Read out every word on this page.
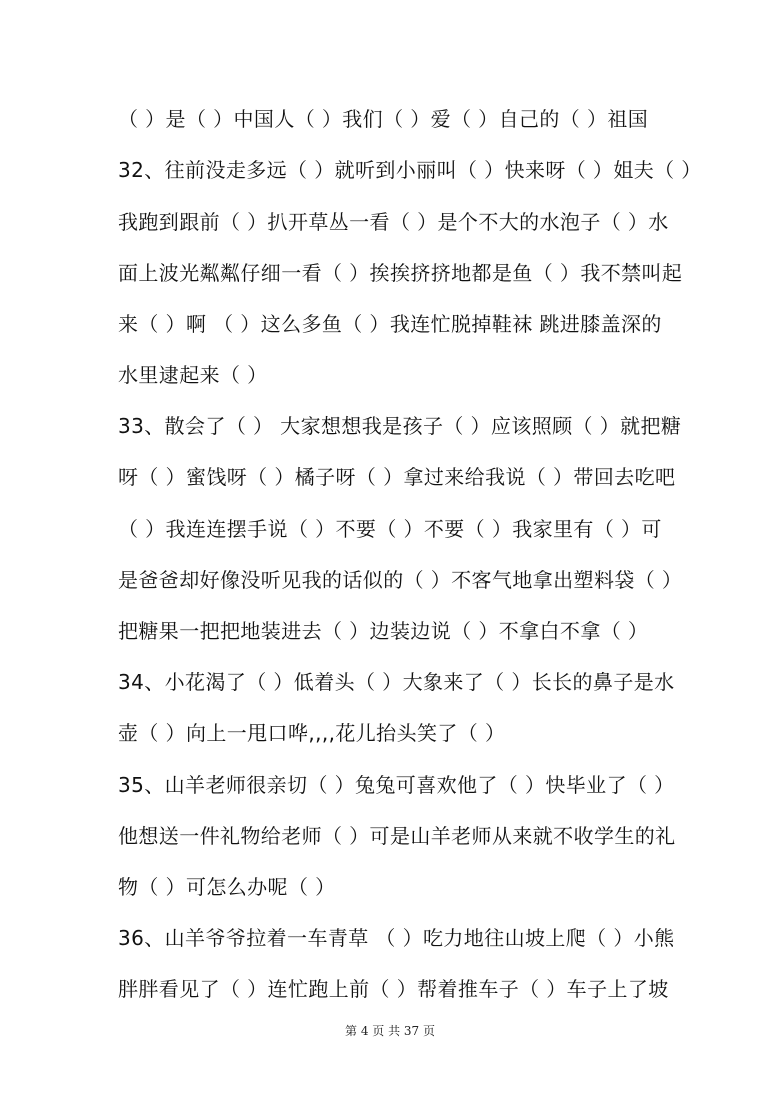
（ ）是（ ）中国人（ ）我们（ ）爱（ ）自己的（ ）祖国
32、往前没走多远（ ）就听到小丽叫（ ）快来呀（ ）姐夫（ ）
我跑到跟前（ ）扒开草丛一看（ ）是个不大的水泡子（ ）水
面上波光粼粼仔细一看（ ）挨挨挤挤地都是鱼（ ）我不禁叫起
来（ ）啊 （ ）这么多鱼（ ）我连忙脱掉鞋袜 跳进膝盖深的
水里逮起来（ ）
33、散会了（ ） 大家想想我是孩子（ ）应该照顾（ ）就把糖
呀（ ）蜜饯呀（ ）橘子呀（ ）拿过来给我说（ ）带回去吃吧
（ ）我连连摆手说（ ）不要（ ）不要（ ）我家里有（ ）可
是爸爸却好像没听见我的话似的（ ）不客气地拿出塑料袋（ ）
把糖果一把把地装进去（ ）边装边说（ ）不拿白不拿（ ）
34、小花渴了（ ）低着头（ ）大象来了（ ）长长的鼻子是水
壶（ ）向上一甩口哗,,,,花儿抬头笑了（ ）
35、山羊老师很亲切（ ）兔兔可喜欢他了（ ）快毕业了（ ）
他想送一件礼物给老师（ ）可是山羊老师从来就不收学生的礼
物（ ）可怎么办呢（ ）
36、山羊爷爷拉着一车青草 （ ）吃力地往山坡上爬（ ）小熊
胖胖看见了（ ）连忙跑上前（ ）帮着推车子（ ）车子上了坡
第 4 页 共 37 页
